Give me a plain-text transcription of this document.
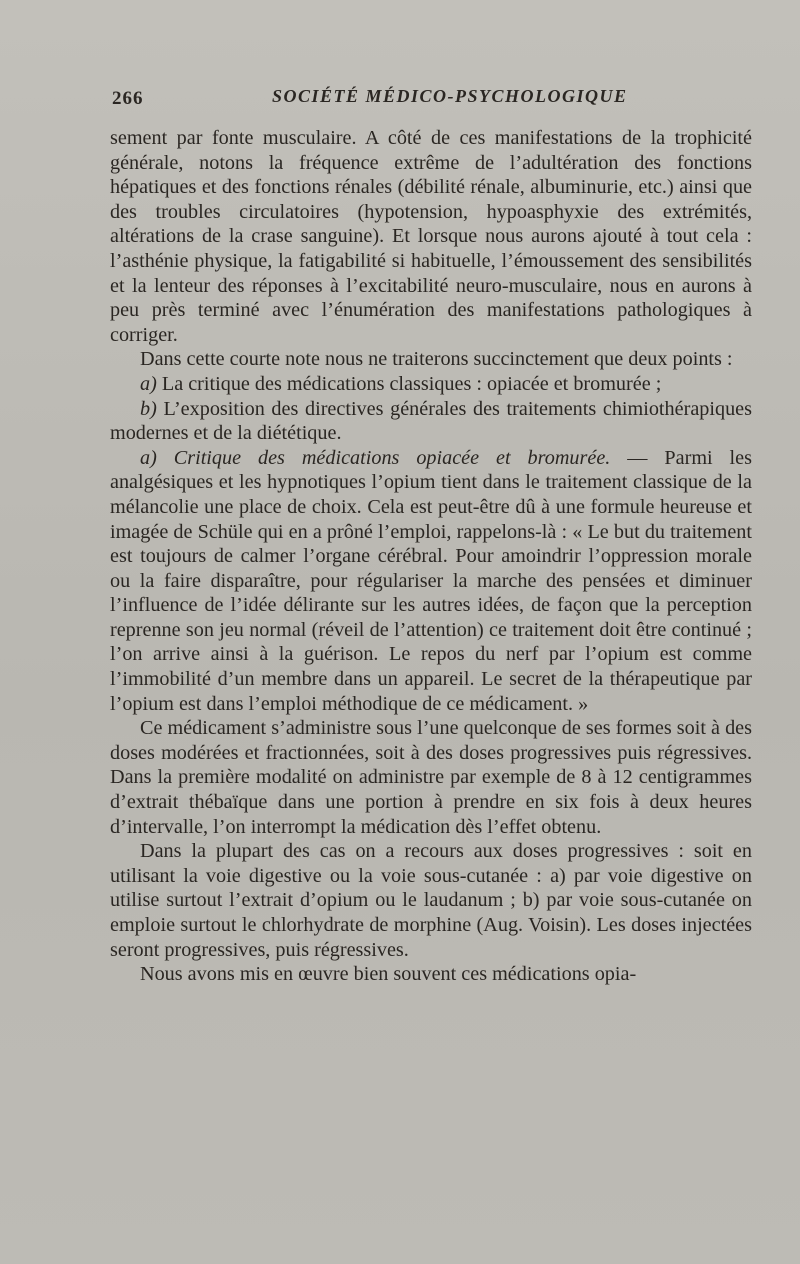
266	SOCIÉTÉ MÉDICO-PSYCHOLOGIQUE

sement par fonte musculaire. A côté de ces manifestations de la trophicité générale, notons la fréquence extrême de l’adultération des fonctions hépatiques et des fonctions rénales (débilité rénale, albuminurie, etc.) ainsi que des troubles circulatoires (hypotension, hypoasphyxie des extrémités, altérations de la crase sanguine). Et lorsque nous aurons ajouté à tout cela : l’asthénie physique, la fatigabilité si habituelle, l’émoussement des sensibilités et la lenteur des réponses à l’excitabilité neuro-musculaire, nous en aurons à peu près terminé avec l’énumération des manifestations pathologiques à corriger.

Dans cette courte note nous ne traiterons succinctement que deux points :

a) La critique des médications classiques : opiacée et bromurée ;

b) L’exposition des directives générales des traitements chimiothérapiques modernes et de la diététique.

a) Critique des médications opiacée et bromurée. — Parmi les analgésiques et les hypnotiques l’opium tient dans le traitement classique de la mélancolie une place de choix. Cela est peut-être dû à une formule heureuse et imagée de Schüle qui en a prôné l’emploi, rappelons-là : « Le but du traitement est toujours de calmer l’organe cérébral. Pour amoindrir l’oppression morale ou la faire disparaître, pour régulariser la marche des pensées et diminuer l’influence de l’idée délirante sur les autres idées, de façon que la perception reprenne son jeu normal (réveil de l’attention) ce traitement doit être continué ; l’on arrive ainsi à la guérison. Le repos du nerf par l’opium est comme l’immobilité d’un membre dans un appareil. Le secret de la thérapeutique par l’opium est dans l’emploi méthodique de ce médicament. »

Ce médicament s’administre sous l’une quelconque de ses formes soit à des doses modérées et fractionnées, soit à des doses progressives puis régressives. Dans la première modalité on administre par exemple de 8 à 12 centigrammes d’extrait thébaïque dans une portion à prendre en six fois à deux heures d’intervalle, l’on interrompt la médication dès l’effet obtenu.

Dans la plupart des cas on a recours aux doses progressives : soit en utilisant la voie digestive ou la voie sous-cutanée : a) par voie digestive on utilise surtout l’extrait d’opium ou le laudanum ; b) par voie sous-cutanée on emploie surtout le chlorhydrate de morphine (Aug. Voisin). Les doses injectées seront progressives, puis régressives.

Nous avons mis en œuvre bien souvent ces médications opia-
